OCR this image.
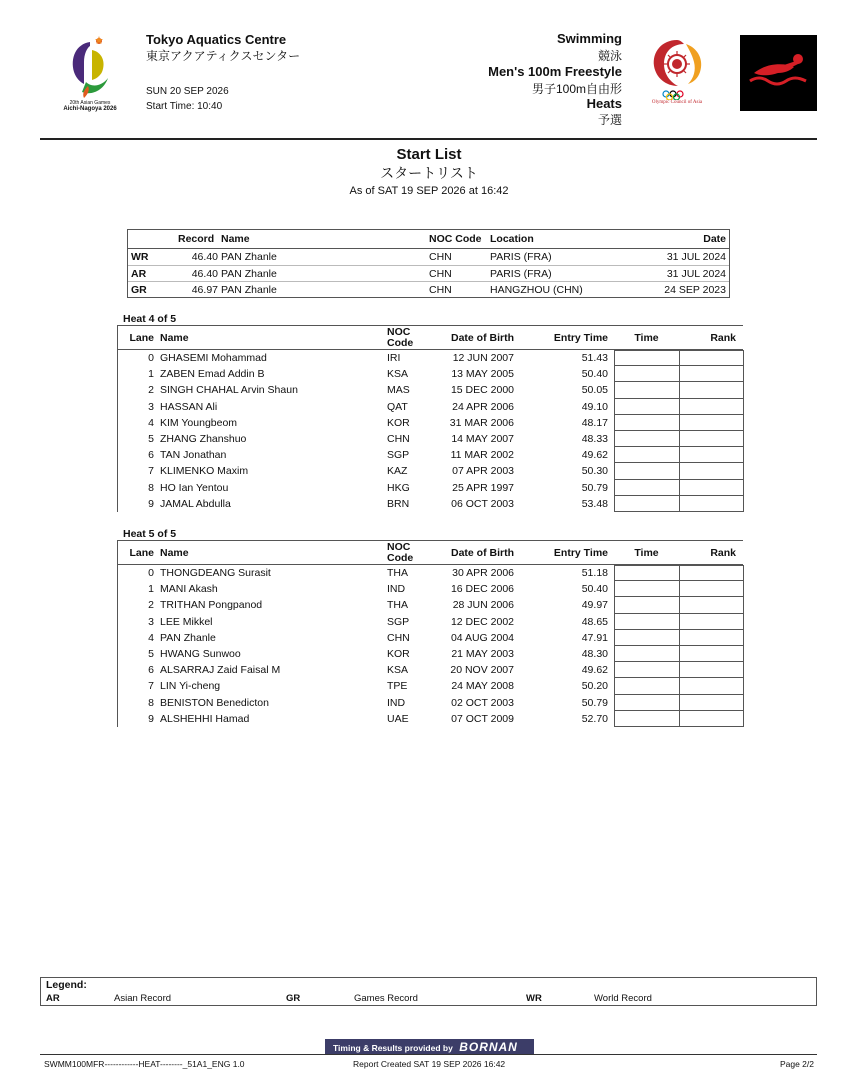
20th Asian Games
Aichi-Nagoya 2026
Tokyo Aquatics Centre
東京アクアティクスセンター
SUN 20 SEP 2026
Start Time: 10:40
Swimming
競泳
Men's 100m Freestyle
男子100m自由形
Heats
予選
Olympic Council of Asia
Start List
スタートリスト
As of SAT 19 SEP 2026 at 16:42
Record Name	NOC Code Location	Date
WR	46.40 PAN Zhanle	CHN	PARIS (FRA)	31 JUL 2024
AR	46.40 PAN Zhanle	CHN	PARIS (FRA)	31 JUL 2024
GR	46.97 PAN Zhanle	CHN	HANGZHOU (CHN)	24 SEP 2023
Heat 4 of 5
Lane Name	NOC
Code	Date of Birth	Entry Time	Time	Rank
0 GHASEMI Mohammad	IRI	12 JUN 2007	51.43
1 ZABEN Emad Addin B	KSA	13 MAY 2005	50.40
2 SINGH CHAHAL Arvin Shaun	MAS	15 DEC 2000	50.05
3 HASSAN Ali	QAT	24 APR 2006	49.10
4 KIM Youngbeom	KOR	31 MAR 2006	48.17
5 ZHANG Zhanshuo	CHN	14 MAY 2007	48.33
6 TAN Jonathan	SGP	11 MAR 2002	49.62
7 KLIMENKO Maxim	KAZ	07 APR 2003	50.30
8 HO Ian Yentou	HKG	25 APR 1997	50.79
9 JAMAL Abdulla	BRN	06 OCT 2003	53.48
Heat 5 of 5
Lane Name	NOC
Code	Date of Birth	Entry Time	Time	Rank
0 THONGDEANG Surasit	THA	30 APR 2006	51.18
1 MANI Akash	IND	16 DEC 2006	50.40
2 TRITHAN Pongpanod	THA	28 JUN 2006	49.97
3 LEE Mikkel	SGP	12 DEC 2002	48.65
4 PAN Zhanle	CHN	04 AUG 2004	47.91
5 HWANG Sunwoo	KOR	21 MAY 2003	48.30
6 ALSARRAJ Zaid Faisal M	KSA	20 NOV 2007	49.62
7 LIN Yi-cheng	TPE	24 MAY 2008	50.20
8 BENISTON Benedicton	IND	02 OCT 2003	50.79
9 ALSHEHHI Hamad	UAE	07 OCT 2009	52.70
Legend:
AR	Asian Record	GR	Games Record	WR	World Record
Timing & Results provided by BORNAN
SWMM100MFR------------HEAT--------_51A1_ENG 1.0	Report Created SAT 19 SEP 2026 16:42	Page 2/2
